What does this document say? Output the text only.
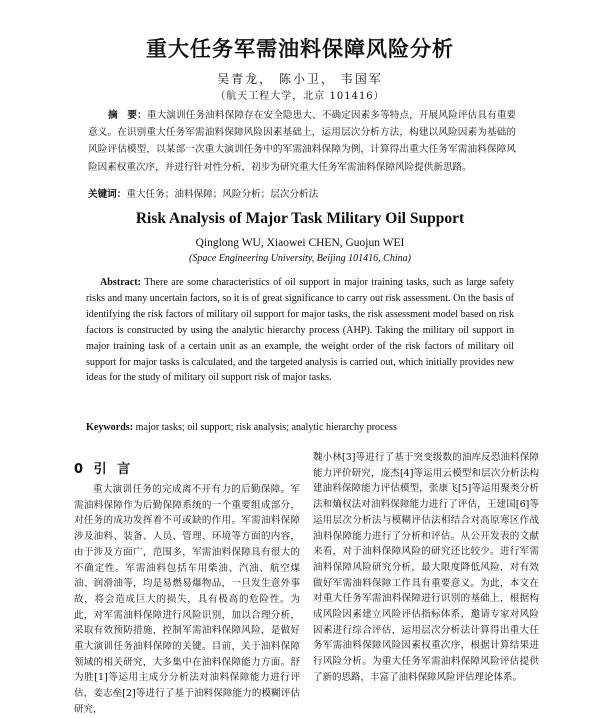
重大任务军需油料保障风险分析
吴青龙， 陈小卫， 韦国军
（航天工程大学，北京 101416）
摘　要：重大演训任务油料保障存在安全隐患大、不确定因素多等特点，开展风险评估具有重要意义。在识别重大任务军需油料保障风险因素基础上，运用层次分析方法，构建以风险因素为基础的风险评估模型，以某部一次重大演训任务中的军需油料保障为例，计算得出重大任务军需油料保障风险因素权重次序，并进行针对性分析，初步为研究重大任务军需油料保障风险提供新思路。
关键词：重大任务；油料保障；风险分析；层次分析法
Risk Analysis of Major Task Military Oil Support
Qinglong WU, Xiaowei CHEN, Guojun WEI
(Space Engineering University, Beijing 101416, China)
Abstract: There are some characteristics of oil support in major training tasks, such as large safety risks and many uncertain factors, so it is of great significance to carry out risk assessment. On the basis of identifying the risk factors of military oil support for major tasks, the risk assessment model based on risk factors is constructed by using the analytic hierarchy process (AHP). Taking the military oil support in major training task of a certain unit as an example, the weight order of the risk factors of military oil support for major tasks is calculated, and the targeted analysis is carried out, which initially provides new ideas for the study of military oil support risk of major tasks.
Keywords: major tasks; oil support; risk analysis; analytic hierarchy process
0 引 言
重大演训任务的完成离不开有力的后勤保障。军需油料保障作为后勤保障系统的一个重要组成部分，对任务的成功发挥着不可或缺的作用。军需油料保障涉及油料、装备、人员、管理、环境等方面的内容，由于涉及方面广，范围多，军需油料保障具有很大的不确定性。军需油料包括车用柴油、汽油、航空煤油、润滑油等，均是易燃易爆物品，一旦发生意外事故，将会造成巨大的损失，具有极高的危险性。为此，对军需油料保障进行风险识别，加以合理分析，采取有效预防措施，控制军需油料保障风险，是做好重大演训任务油料保障的关键。目前，关于油料保障领域的相关研究，大多集中在油料保障能力方面。舒为胜[1]等运用主成分分析法对油料保障能力进行评估，姜志垒[2]等进行了基于油料保障能力的模糊评估研究，
魏小林[3]等进行了基于突变级数的油库反恐油料保障能力评价研究，庞杰[4]等运用云模型和层次分析法构建油料保障能力评估模型，张康飞[5]等运用聚类分析法和熵权法对油料保障能力进行了评估，王建国[6]等运用层次分析法与模糊评估法相结合对高原寒区作战油料保障能力进行了分析和评估。从公开发表的文献来看，对于油料保障风险的研究还比较少。进行军需油料保障风险研究分析，最大限度降低风险，对有效做好军需油料保障工作具有重要意义。为此，本文在对重大任务军需油料保障进行识别的基础上，根据构成风险因素建立风险评估指标体系，邀请专家对风险因素进行综合评估，运用层次分析法计算得出重大任务军需油料保障风险因素权重次序，根据计算结果进行风险分析。为重大任务军需油料保障风险评估提供了新的思路，丰富了油料保障风险评估理论体系。
